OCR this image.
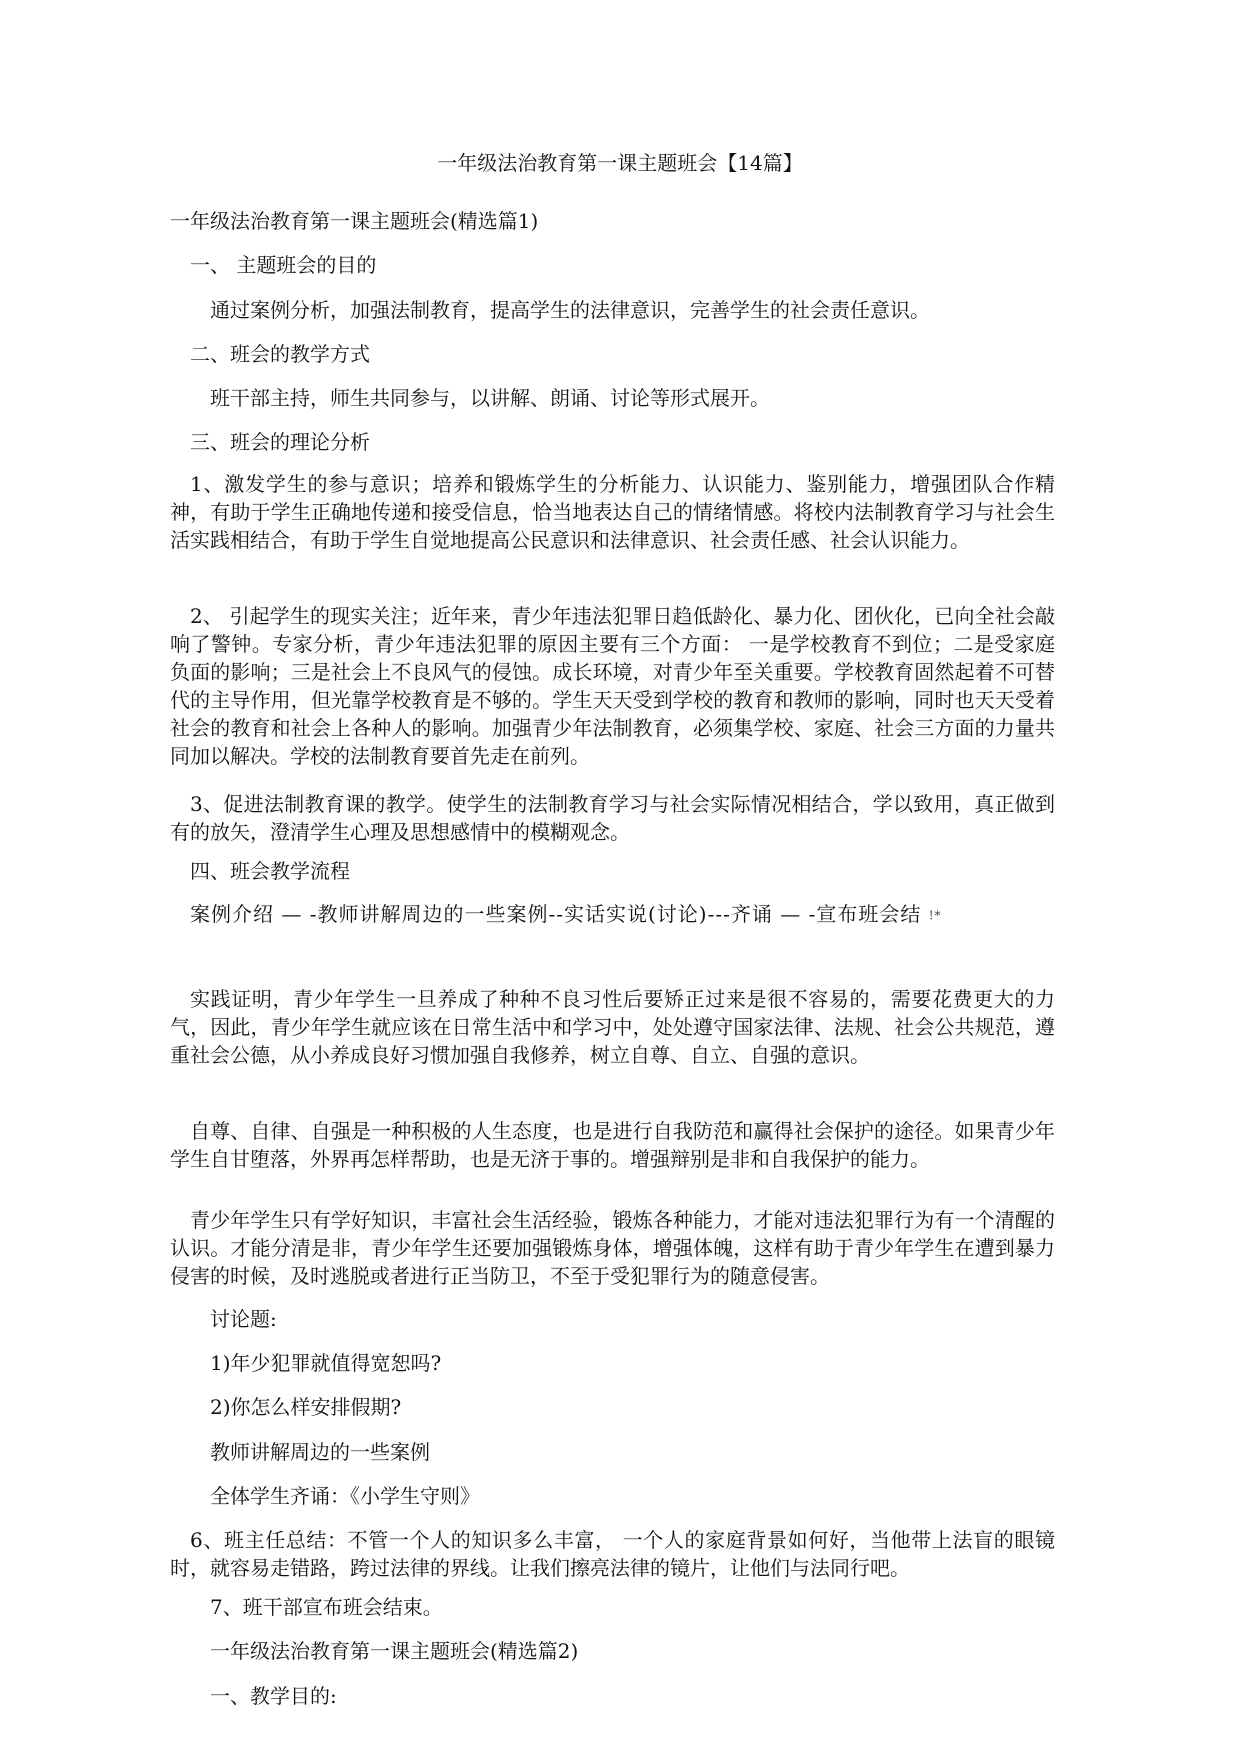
一年级法治教育第一课主题班会【14篇】
一年级法治教育第一课主题班会(精选篇1)
一、 主题班会的目的
通过案例分析，加强法制教育，提高学生的法律意识，完善学生的社会责任意识。
二、班会的教学方式
班干部主持，师生共同参与，以讲解、朗诵、讨论等形式展开。
三、班会的理论分析
1、激发学生的参与意识；培养和锻炼学生的分析能力、认识能力、鉴别能力，增强团队合作精神，有助于学生正确地传递和接受信息，恰当地表达自己的情绪情感。将校内法制教育学习与社会生活实践相结合，有助于学生自觉地提高公民意识和法律意识、社会责任感、社会认识能力。
2、 引起学生的现实关注；近年来，青少年违法犯罪日趋低龄化、暴力化、团伙化，已向全社会敲响了警钟。专家分析，青少年违法犯罪的原因主要有三个方面： 一是学校教育不到位；二是受家庭负面的影响；三是社会上不良风气的侵蚀。成长环境，对青少年至关重要。学校教育固然起着不可替代的主导作用，但光靠学校教育是不够的。学生天天受到学校的教育和教师的影响，同时也天天受着社会的教育和社会上各种人的影响。加强青少年法制教育，必须集学校、家庭、社会三方面的力量共同加以解决。学校的法制教育要首先走在前列。
3、促进法制教育课的教学。使学生的法制教育学习与社会实际情况相结合，学以致用，真正做到有的放矢，澄清学生心理及思想感情中的模糊观念。
四、班会教学流程
案例介绍 — -教师讲解周边的一些案例--实话实说(讨论)---齐诵 — -宣布班会结 !*
实践证明，青少年学生一旦养成了种种不良习性后要矫正过来是很不容易的，需要花费更大的力气，因此，青少年学生就应该在日常生活中和学习中，处处遵守国家法律、法规、社会公共规范，遵重社会公德，从小养成良好习惯加强自我修养，树立自尊、自立、自强的意识。
自尊、自律、自强是一种积极的人生态度，也是进行自我防范和赢得社会保护的途径。如果青少年学生自甘堕落，外界再怎样帮助，也是无济于事的。增强辩别是非和自我保护的能力。
青少年学生只有学好知识，丰富社会生活经验，锻炼各种能力，才能对违法犯罪行为有一个清醒的认识。才能分清是非，青少年学生还要加强锻炼身体，增强体魄，这样有助于青少年学生在遭到暴力侵害的时候，及时逃脱或者进行正当防卫，不至于受犯罪行为的随意侵害。
讨论题:
1)年少犯罪就值得宽恕吗?
2)你怎么样安排假期?
教师讲解周边的一些案例
全体学生齐诵：《小学生守则》
6、班主任总结：不管一个人的知识多么丰富， 一个人的家庭背景如何好，当他带上法盲的眼镜时，就容易走错路，跨过法律的界线。让我们擦亮法律的镜片，让他们与法同行吧。
7、班干部宣布班会结束。
一年级法治教育第一课主题班会(精选篇2)
一、教学目的:
